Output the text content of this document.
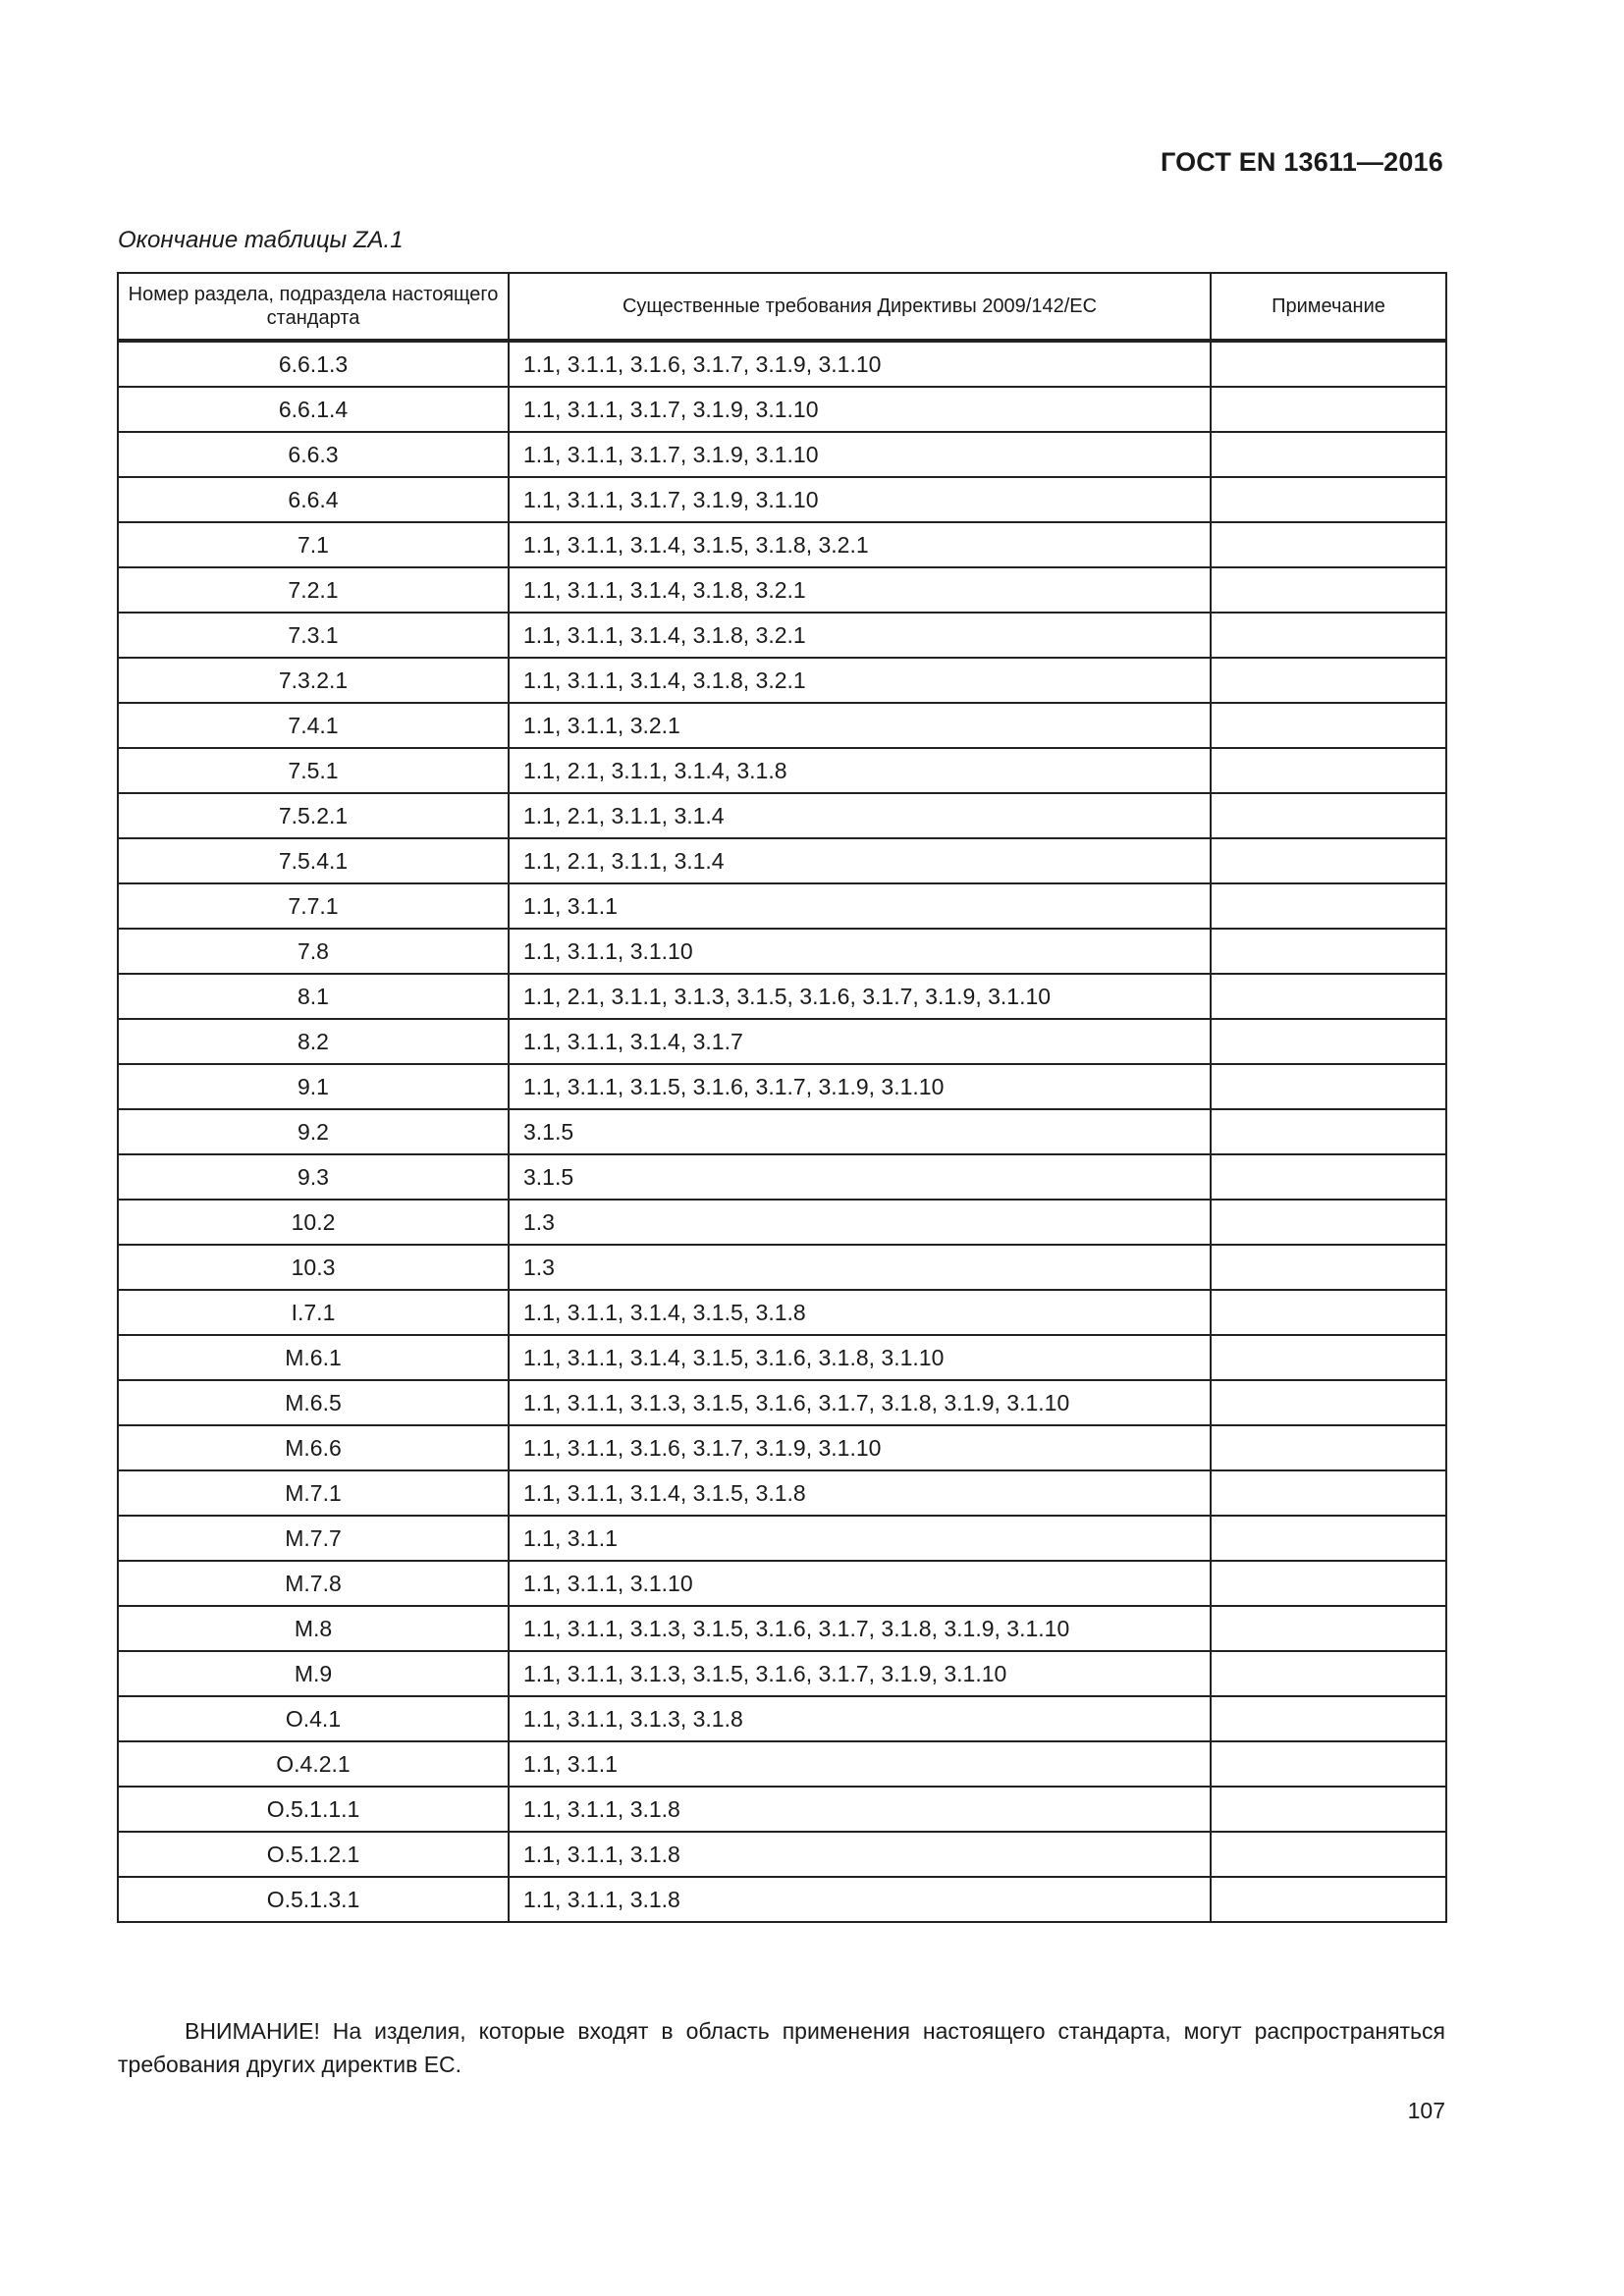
ГОСТ EN 13611—2016
Окончание таблицы ZA.1
Номер раздела, подраздела настоящего стандарта	Существенные требования Директивы 2009/142/ЕС	Примечание
6.6.1.3	1.1, 3.1.1, 3.1.6, 3.1.7, 3.1.9, 3.1.10	
6.6.1.4	1.1, 3.1.1, 3.1.7, 3.1.9, 3.1.10	
6.6.3	1.1, 3.1.1, 3.1.7, 3.1.9, 3.1.10	
6.6.4	1.1, 3.1.1, 3.1.7, 3.1.9, 3.1.10	
7.1	1.1, 3.1.1, 3.1.4, 3.1.5, 3.1.8, 3.2.1	
7.2.1	1.1, 3.1.1, 3.1.4, 3.1.8, 3.2.1	
7.3.1	1.1, 3.1.1, 3.1.4, 3.1.8, 3.2.1	
7.3.2.1	1.1, 3.1.1, 3.1.4, 3.1.8, 3.2.1	
7.4.1	1.1, 3.1.1, 3.2.1	
7.5.1	1.1, 2.1, 3.1.1, 3.1.4, 3.1.8	
7.5.2.1	1.1, 2.1, 3.1.1, 3.1.4	
7.5.4.1	1.1, 2.1, 3.1.1, 3.1.4	
7.7.1	1.1, 3.1.1	
7.8	1.1, 3.1.1, 3.1.10	
8.1	1.1, 2.1, 3.1.1, 3.1.3, 3.1.5, 3.1.6, 3.1.7, 3.1.9, 3.1.10	
8.2	1.1, 3.1.1, 3.1.4, 3.1.7	
9.1	1.1, 3.1.1, 3.1.5, 3.1.6, 3.1.7, 3.1.9, 3.1.10	
9.2	3.1.5	
9.3	3.1.5	
10.2	1.3	
10.3	1.3	
I.7.1	1.1, 3.1.1, 3.1.4, 3.1.5, 3.1.8	
M.6.1	1.1, 3.1.1, 3.1.4, 3.1.5, 3.1.6, 3.1.8, 3.1.10	
M.6.5	1.1, 3.1.1, 3.1.3, 3.1.5, 3.1.6, 3.1.7, 3.1.8, 3.1.9, 3.1.10	
M.6.6	1.1, 3.1.1, 3.1.6, 3.1.7, 3.1.9, 3.1.10	
M.7.1	1.1, 3.1.1, 3.1.4, 3.1.5, 3.1.8	
M.7.7	1.1, 3.1.1	
M.7.8	1.1, 3.1.1, 3.1.10	
M.8	1.1, 3.1.1, 3.1.3, 3.1.5, 3.1.6, 3.1.7, 3.1.8, 3.1.9, 3.1.10	
M.9	1.1, 3.1.1, 3.1.3, 3.1.5, 3.1.6, 3.1.7, 3.1.9, 3.1.10	
O.4.1	1.1, 3.1.1, 3.1.3, 3.1.8	
O.4.2.1	1.1, 3.1.1	
O.5.1.1.1	1.1, 3.1.1, 3.1.8	
O.5.1.2.1	1.1, 3.1.1, 3.1.8	
O.5.1.3.1	1.1, 3.1.1, 3.1.8	
ВНИМАНИЕ! На изделия, которые входят в область применения настоящего стандарта, могут распространяться требования других директив ЕС.
107
